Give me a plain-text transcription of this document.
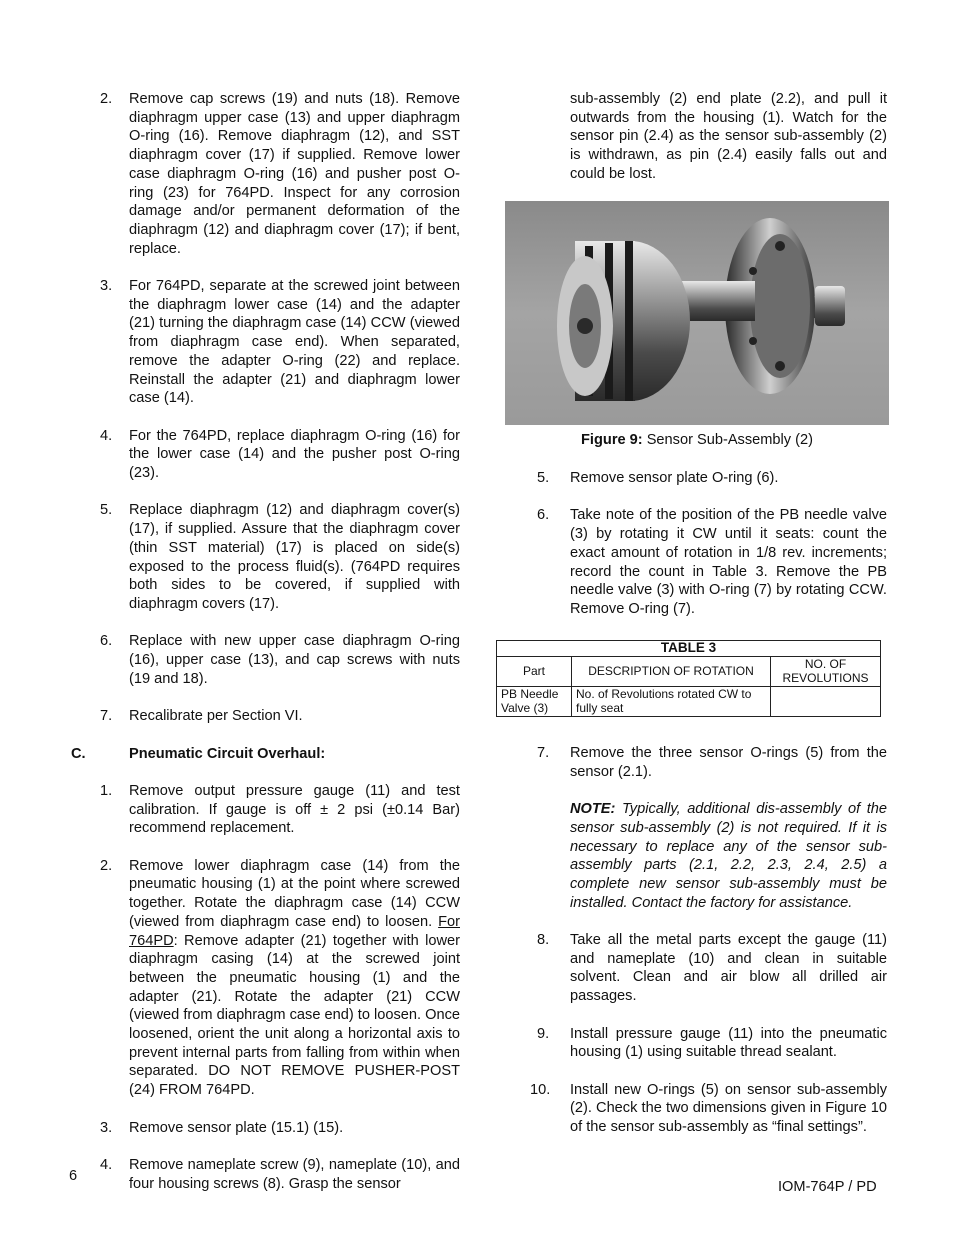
2. Remove cap screws (19) and nuts (18). Remove diaphragm upper case (13) and upper diaphragm O-ring (16). Remove diaphragm (12), and SST diaphragm cover (17) if supplied. Remove lower case diaphragm O-ring (16) and pusher post O-ring (23) for 764PD. Inspect for any corrosion damage and/or permanent deformation of the diaphragm (12) and diaphragm cover (17); if bent, replace.
3. For 764PD, separate at the screwed joint between the diaphragm lower case (14) and the adapter (21) turning the diaphragm case (14) CCW (viewed from diaphragm case end). When separated, remove the adapter O-ring (22) and replace. Reinstall the adapter (21) and diaphragm lower case (14).
4. For the 764PD, replace diaphragm O-ring (16) for the lower case (14) and the pusher post O-ring (23).
5. Replace diaphragm (12) and diaphragm cover(s) (17), if supplied. Assure that the diaphragm cover (thin SST material) (17) is placed on side(s) exposed to the process fluid(s). (764PD requires both sides to be covered, if supplied with diaphragm covers (17).
6. Replace with new upper case diaphragm O-ring (16), upper case (13), and cap screws with nuts (19 and 18).
7. Recalibrate per Section VI.
C.	Pneumatic Circuit Overhaul:
1. Remove output pressure gauge (11) and test calibration. If gauge is off ± 2 psi (±0.14 Bar) recommend replacement.
2. Remove lower diaphragm case (14) from the pneumatic housing (1) at the point where screwed together. Rotate the diaphragm case (14) CCW (viewed from diaphragm case end) to loosen. For 764PD: Remove adapter (21) together with lower diaphragm casing (14) at the screwed joint between the pneumatic housing (1) and the adapter (21). Rotate the adapter (21) CCW (viewed from diaphragm case end) to loosen. Once loosened, orient the unit along a horizontal axis to prevent internal parts from falling from within when separated. DO NOT REMOVE PUSHER-POST (24) FROM 764PD.
3. Remove sensor plate (15.1) (15).
4. Remove nameplate screw (9), nameplate (10), and four housing screws (8). Grasp the sensor
sub-assembly (2) end plate (2.2), and pull it outwards from the housing (1). Watch for the sensor pin (2.4) as the sensor sub-assembly (2) is withdrawn, as pin (2.4) easily falls out and could be lost.
Figure 9: Sensor Sub-Assembly (2)
5. Remove sensor plate O-ring (6).
6. Take note of the position of the PB needle valve (3) by rotating it CW until it seats: count the exact amount of rotation in 1/8 rev. increments; record the count in Table 3. Remove the PB needle valve (3) with O-ring (7) by rotating CCW. Remove O-ring (7).
TABLE 3		
Part	DESCRIPTION OF ROTATION	NO. OF REVOLUTIONS
PB Needle Valve (3)	No. of Revolutions rotated CW to fully seat	
7. Remove the three sensor O-rings (5) from the sensor (2.1).
NOTE: Typically, additional dis-assembly of the sensor sub-assembly (2) is not required. If it is necessary to replace any of the sensor sub-assembly parts (2.1, 2.2, 2.3, 2.4, 2.5) a complete new sensor sub-assembly must be installed. Contact the factory for assistance.
8. Take all the metal parts except the gauge (11) and nameplate (10) and clean in suitable solvent. Clean and air blow all drilled air passages.
9. Install pressure gauge (11) into the pneumatic housing (1) using suitable thread sealant.
10. Install new O-rings (5) on sensor sub-assembly (2). Check the two dimensions given in Figure 10 of the sensor sub-assembly as “final settings”.
6
IOM-764P / PD
